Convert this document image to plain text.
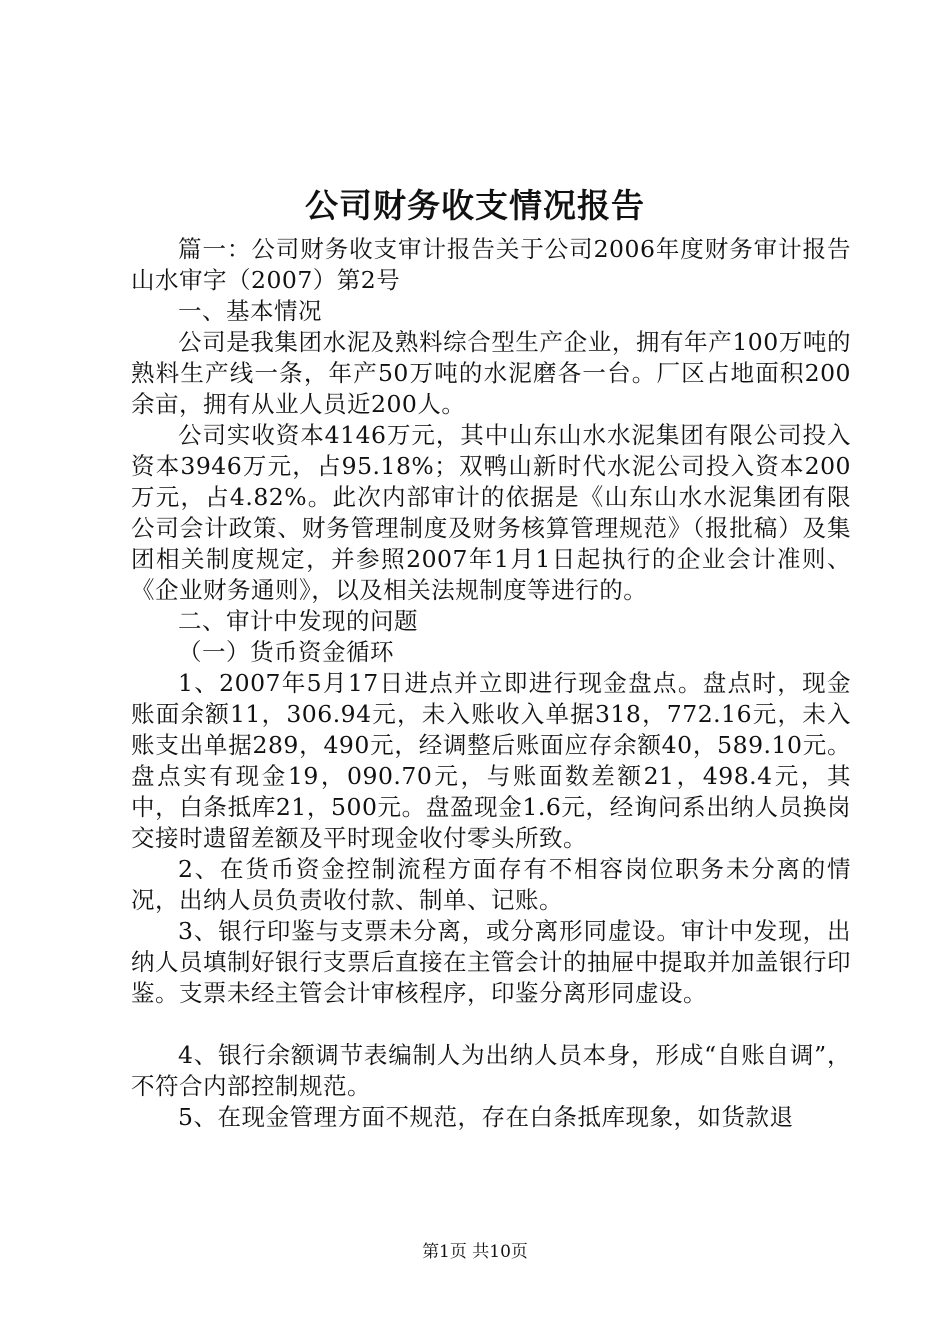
公司财务收支情况报告

篇一：公司财务收支审计报告关于公司2006年度财务审计报告山水审字（2007）第2号

一、基本情况

公司是我集团水泥及熟料综合型生产企业，拥有年产100万吨的熟料生产线一条，年产50万吨的水泥磨各一台。厂区占地面积200余亩，拥有从业人员近200人。

公司实收资本4146万元，其中山东山水水泥集团有限公司投入资本3946万元，占95.18%；双鸭山新时代水泥公司投入资本200万元，占4.82%。此次内部审计的依据是《山东山水水泥集团有限公司会计政策、财务管理制度及财务核算管理规范》（报批稿）及集团相关制度规定，并参照2007年1月1日起执行的企业会计准则、《企业财务通则》，以及相关法规制度等进行的。

二、审计中发现的问题

（一）货币资金循环

1、2007年5月17日进点并立即进行现金盘点。盘点时，现金账面余额11，306.94元，未入账收入单据318，772.16元，未入账支出单据289，490元，经调整后账面应存余额40，589.10元。盘点实有现金19，090.70元，与账面数差额21，498.4元，其中，白条抵库21，500元。盘盈现金1.6元，经询问系出纳人员换岗交接时遗留差额及平时现金收付零头所致。

2、在货币资金控制流程方面存有不相容岗位职务未分离的情况，出纳人员负责收付款、制单、记账。

3、银行印鉴与支票未分离，或分离形同虚设。审计中发现，出纳人员填制好银行支票后直接在主管会计的抽屉中提取并加盖银行印鉴。支票未经主管会计审核程序，印鉴分离形同虚设。

4、银行余额调节表编制人为出纳人员本身，形成“自账自调”，不符合内部控制规范。

5、在现金管理方面不规范，存在白条抵库现象，如货款退

第1页 共10页
